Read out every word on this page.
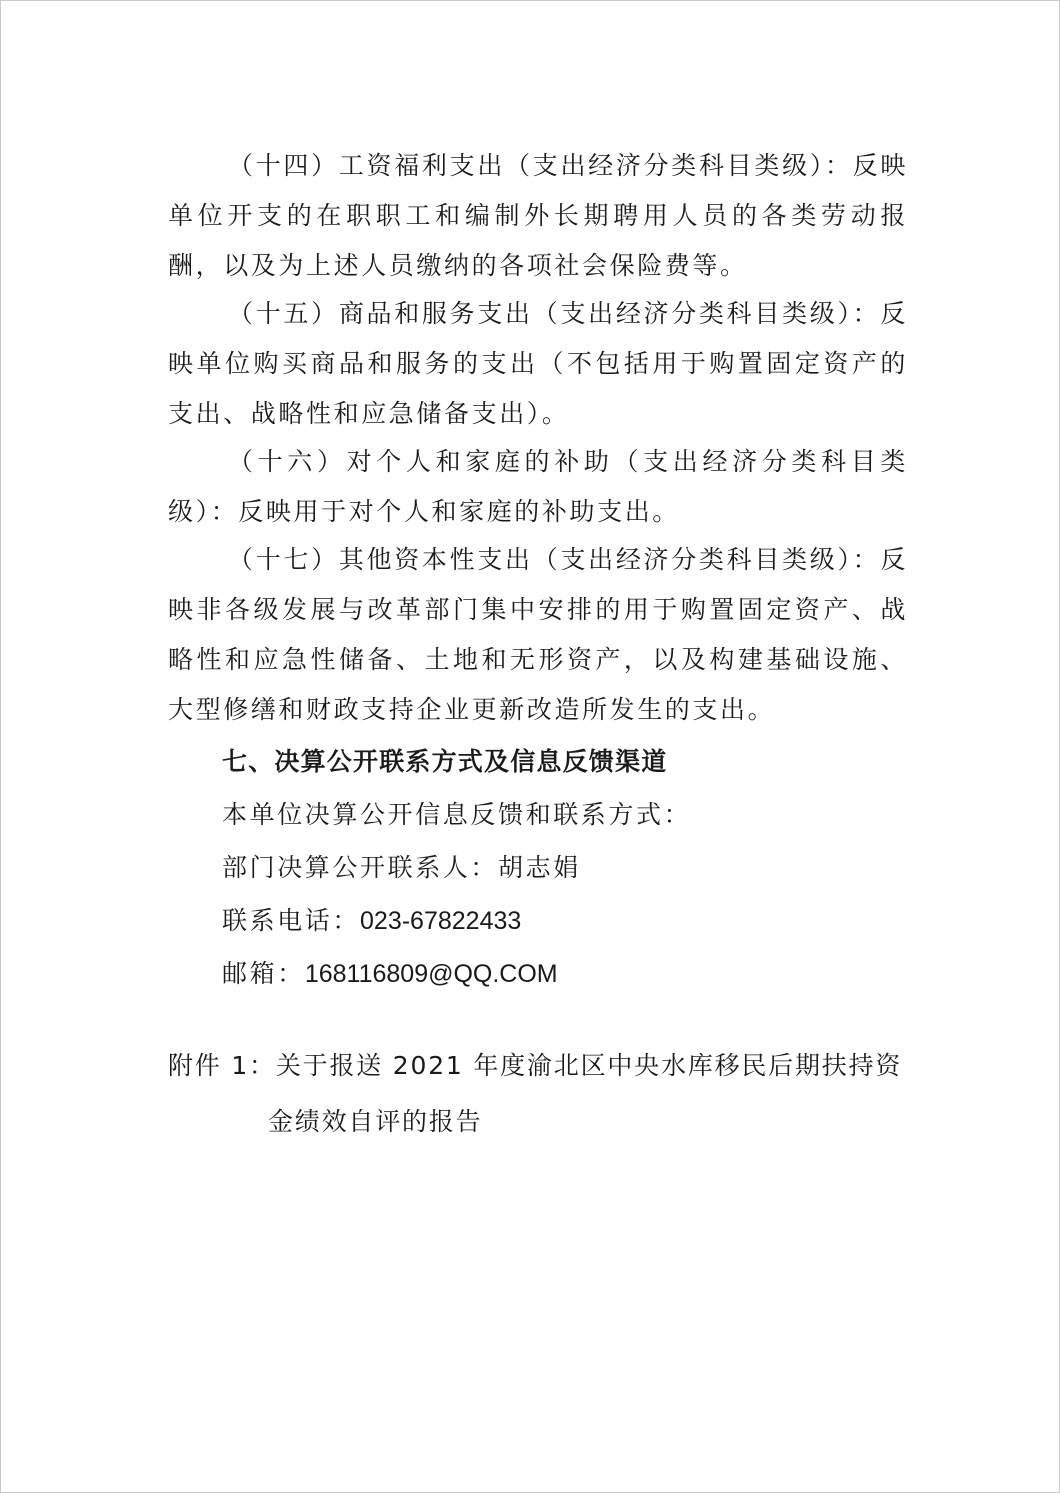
（十四）工资福利支出（支出经济分类科目类级）：反映单位开支的在职职工和编制外长期聘用人员的各类劳动报酬，以及为上述人员缴纳的各项社会保险费等。

（十五）商品和服务支出（支出经济分类科目类级）：反映单位购买商品和服务的支出（不包括用于购置固定资产的支出、战略性和应急储备支出）。

（十六）对个人和家庭的补助（支出经济分类科目类级）：反映用于对个人和家庭的补助支出。

（十七）其他资本性支出（支出经济分类科目类级）：反映非各级发展与改革部门集中安排的用于购置固定资产、战略性和应急性储备、土地和无形资产，以及构建基础设施、大型修缮和财政支持企业更新改造所发生的支出。

七、决算公开联系方式及信息反馈渠道
本单位决算公开信息反馈和联系方式：
部门决算公开联系人：胡志娟
联系电话：023-67822433
邮箱：168116809@QQ.COM
附件 1：关于报送 2021 年度渝北区中央水库移民后期扶持资
金绩效自评的报告
